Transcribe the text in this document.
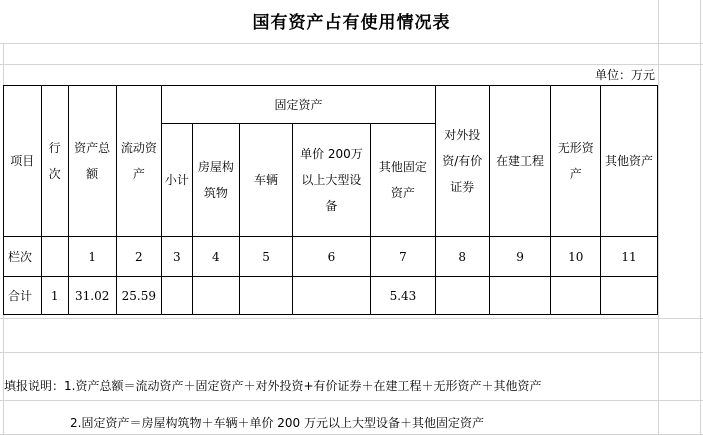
国有资产占有使用情况表
单位：万元
项目	行次	资产总额	流动资产	固定资产					对外投资/有价证券	在建工程	无形资产	其他资产

				小计	房屋构筑物	车辆	单价 200万以上大型设备	其他固定资产				

栏次		1	2	3	4	5	6	7	8	9	10	11
合计	1	31.02	25.59					5.43				
填报说明：1.资产总额＝流动资产＋固定资产＋对外投资+有价证券＋在建工程＋无形资产＋其他资产
2.固定资产＝房屋构筑物＋车辆＋单价 200 万元以上大型设备＋其他固定资产
